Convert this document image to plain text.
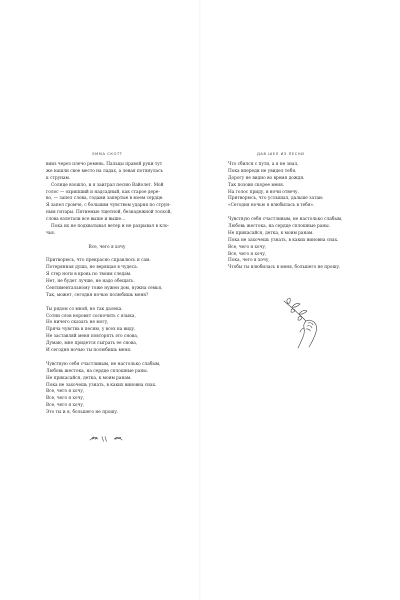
ЭММА СКОТТ
вниз через плечо ремень. Пальцы правой руки тут
же нашли свое место на ладах, а левая потянулась
к струнам.
Солнце взошло, и я заиграл песню Вайолет. Мой
голос — охрипший и надсадный, как старое дере-
во, — запел слова, годами запертые в моем сердце.
Я запел громче, с большим чувством ударяя по струн-
ным гитары. Пятиемые тщетной, безнадежной тоской,
слова взлетали все выше и выше…
Пока их не подхватывал ветер и не разрывал в кло-
чья.
Все, чего я хочу
Притворюсь, что прекрасно справлюсь и сам.
Потерянная душа, не верящая в чудеса.
Я стер ноги в кровь по твоим следам.
Нет, не будет лучше, не надо обещать.
Сентиментальному тоже нужен дом, нужна семья,
Так, может, сегодня ночью полюбишь меня?
Ты рядом со мной, но так далека.
Сотни слов норовят соскочить с языка,
Но ничего сказать не могу,
Пряча чувства в песню, у всех на виду.
Не заставляй меня повторять это снова,
Думаю, мне придется сыграть ее снова,
И сегодня ночью ты полюбишь меня.
Чувствую себя счастливым, не настолько слабым,
Любовь жестока, на сердце сплошные раны.
Не прикасайся, детка, к моим ранам.
Пока не захочешь узнать, в каких виновна снах.
Все, чего я хочу,
Все, чего я хочу,
Все, чего я хочу,
Это ты и я, большего не прошу.
ДАВ ШЕЛ ИЗ ПЕСНИ
Что сбился с пути, а я не знал,
Пока впереди не увидел тебя.
Дорогу не видно во время дождя.
Так позови скорее меня.
На голос приду, в ночи отвечу.
Притворюсь, что услышал, дальше затаи:
«Сегодня ночью я влюбилась в тебя».
Чувствую себя счастливым, не настолько слабым,
Любовь жестока, на сердце сплошные раны.
Не прикасайся, детка, к моим ранам.
Пока не захочешь узнать, в каких виновна снах.
Все, чего я хочу,
Все, чего я хочу,
Пока, чего я хочу,
Чтобы ты влюбилась в меня, большего не прошу.
